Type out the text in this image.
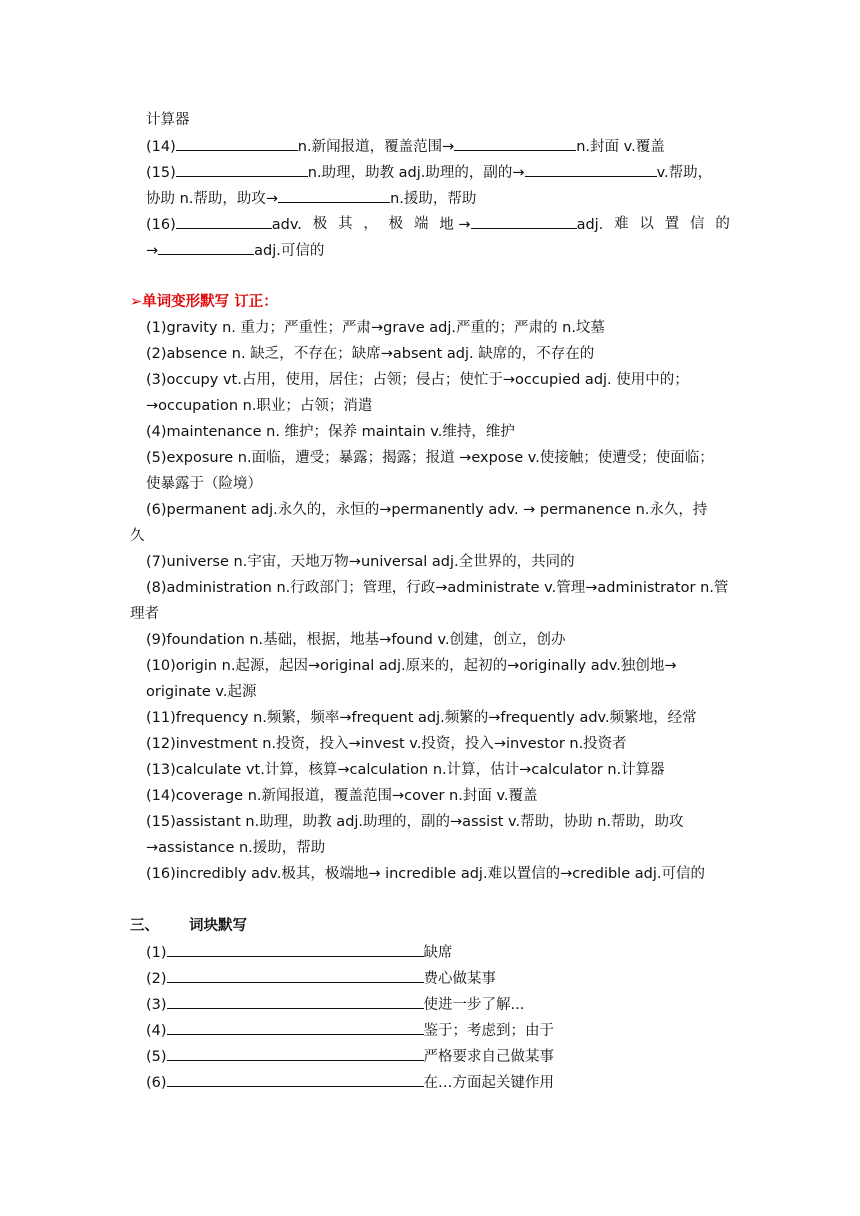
计算器
(14)	n.新闻报道，覆盖范围→	n.封面 v.覆盖
(15)	n.助理，助教 adj.助理的，副的→	v.帮助，
协助 n.帮助，助攻→	n.援助，帮助
(16)	adv. 极 其 ， 极 端 地 →	adj. 难 以 置 信 的
→	adj.可信的
➢单词变形默写 订正：
(1)gravity n. 重力；严重性；严肃→grave adj.严重的；严肃的 n.坟墓
(2)absence n. 缺乏，不存在；缺席→absent adj. 缺席的，不存在的
(3)occupy vt.占用，使用，居住；占领；侵占；使忙于→occupied adj. 使用中的；
→occupation n.职业；占领；消遣
(4)maintenance n. 维护；保养 maintain v.维持，维护
(5)exposure n.面临，遭受；暴露；揭露；报道 →expose v.使接触；使遭受；使面临；
使暴露于（险境）
(6)permanent adj.永久的，永恒的→permanently adv. → permanence n.永久，持
久
(7)universe n.宇宙，天地万物→universal adj.全世界的，共同的
(8)administration n.行政部门；管理，行政→administrate v.管理→administrator n.管
理者
(9)foundation n.基础，根据，地基→found v.创建，创立，创办
(10)origin n.起源，起因→original adj.原来的，起初的→originally adv.独创地→
originate v.起源
(11)frequency n.频繁，频率→frequent adj.频繁的→frequently adv.频繁地，经常
(12)investment n.投资，投入→invest v.投资，投入→investor n.投资者
(13)calculate vt.计算，核算→calculation n.计算，估计→calculator n.计算器
(14)coverage n.新闻报道，覆盖范围→cover n.封面 v.覆盖
(15)assistant n.助理，助教 adj.助理的，副的→assist v.帮助，协助 n.帮助，助攻
→assistance n.援助，帮助
(16)incredibly adv.极其，极端地→ incredible adj.难以置信的→credible adj.可信的
三、 词块默写
(1)	缺席
(2)	费心做某事
(3)	使进一步了解...
(4)	鉴于；考虑到；由于
(5)	严格要求自己做某事
(6)	在…方面起关键作用
